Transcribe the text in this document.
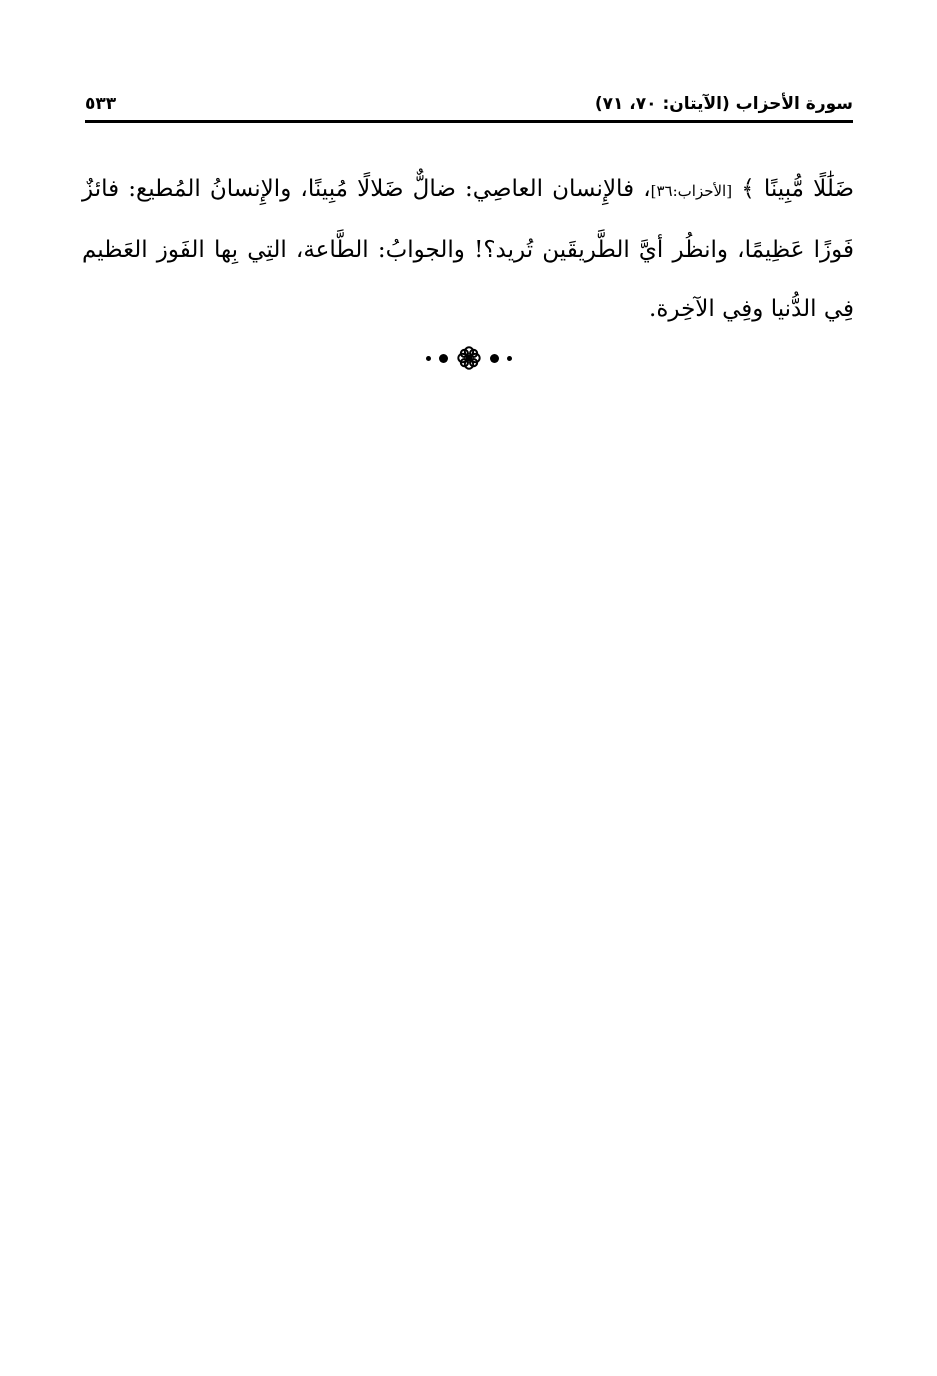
سورة الأحزاب (الآيتان: ٧٠، ٧١)
٥٣٣

ضَلَٰلًا مُّبِينًا ﴾ [الأحزاب:٣٦]، فالإِنسان العاصِي: ضالٌّ ضَلالًا مُبِينًا، والإِنسانُ المُطيع: فائزٌ فَوزًا عَظِيمًا، وانظُر أيَّ الطَّريقَين تُريد؟! والجوابُ: الطَّاعة، التِي بِها الفَوز العَظيم فِي الدُّنيا وفِي الآخِرة.
